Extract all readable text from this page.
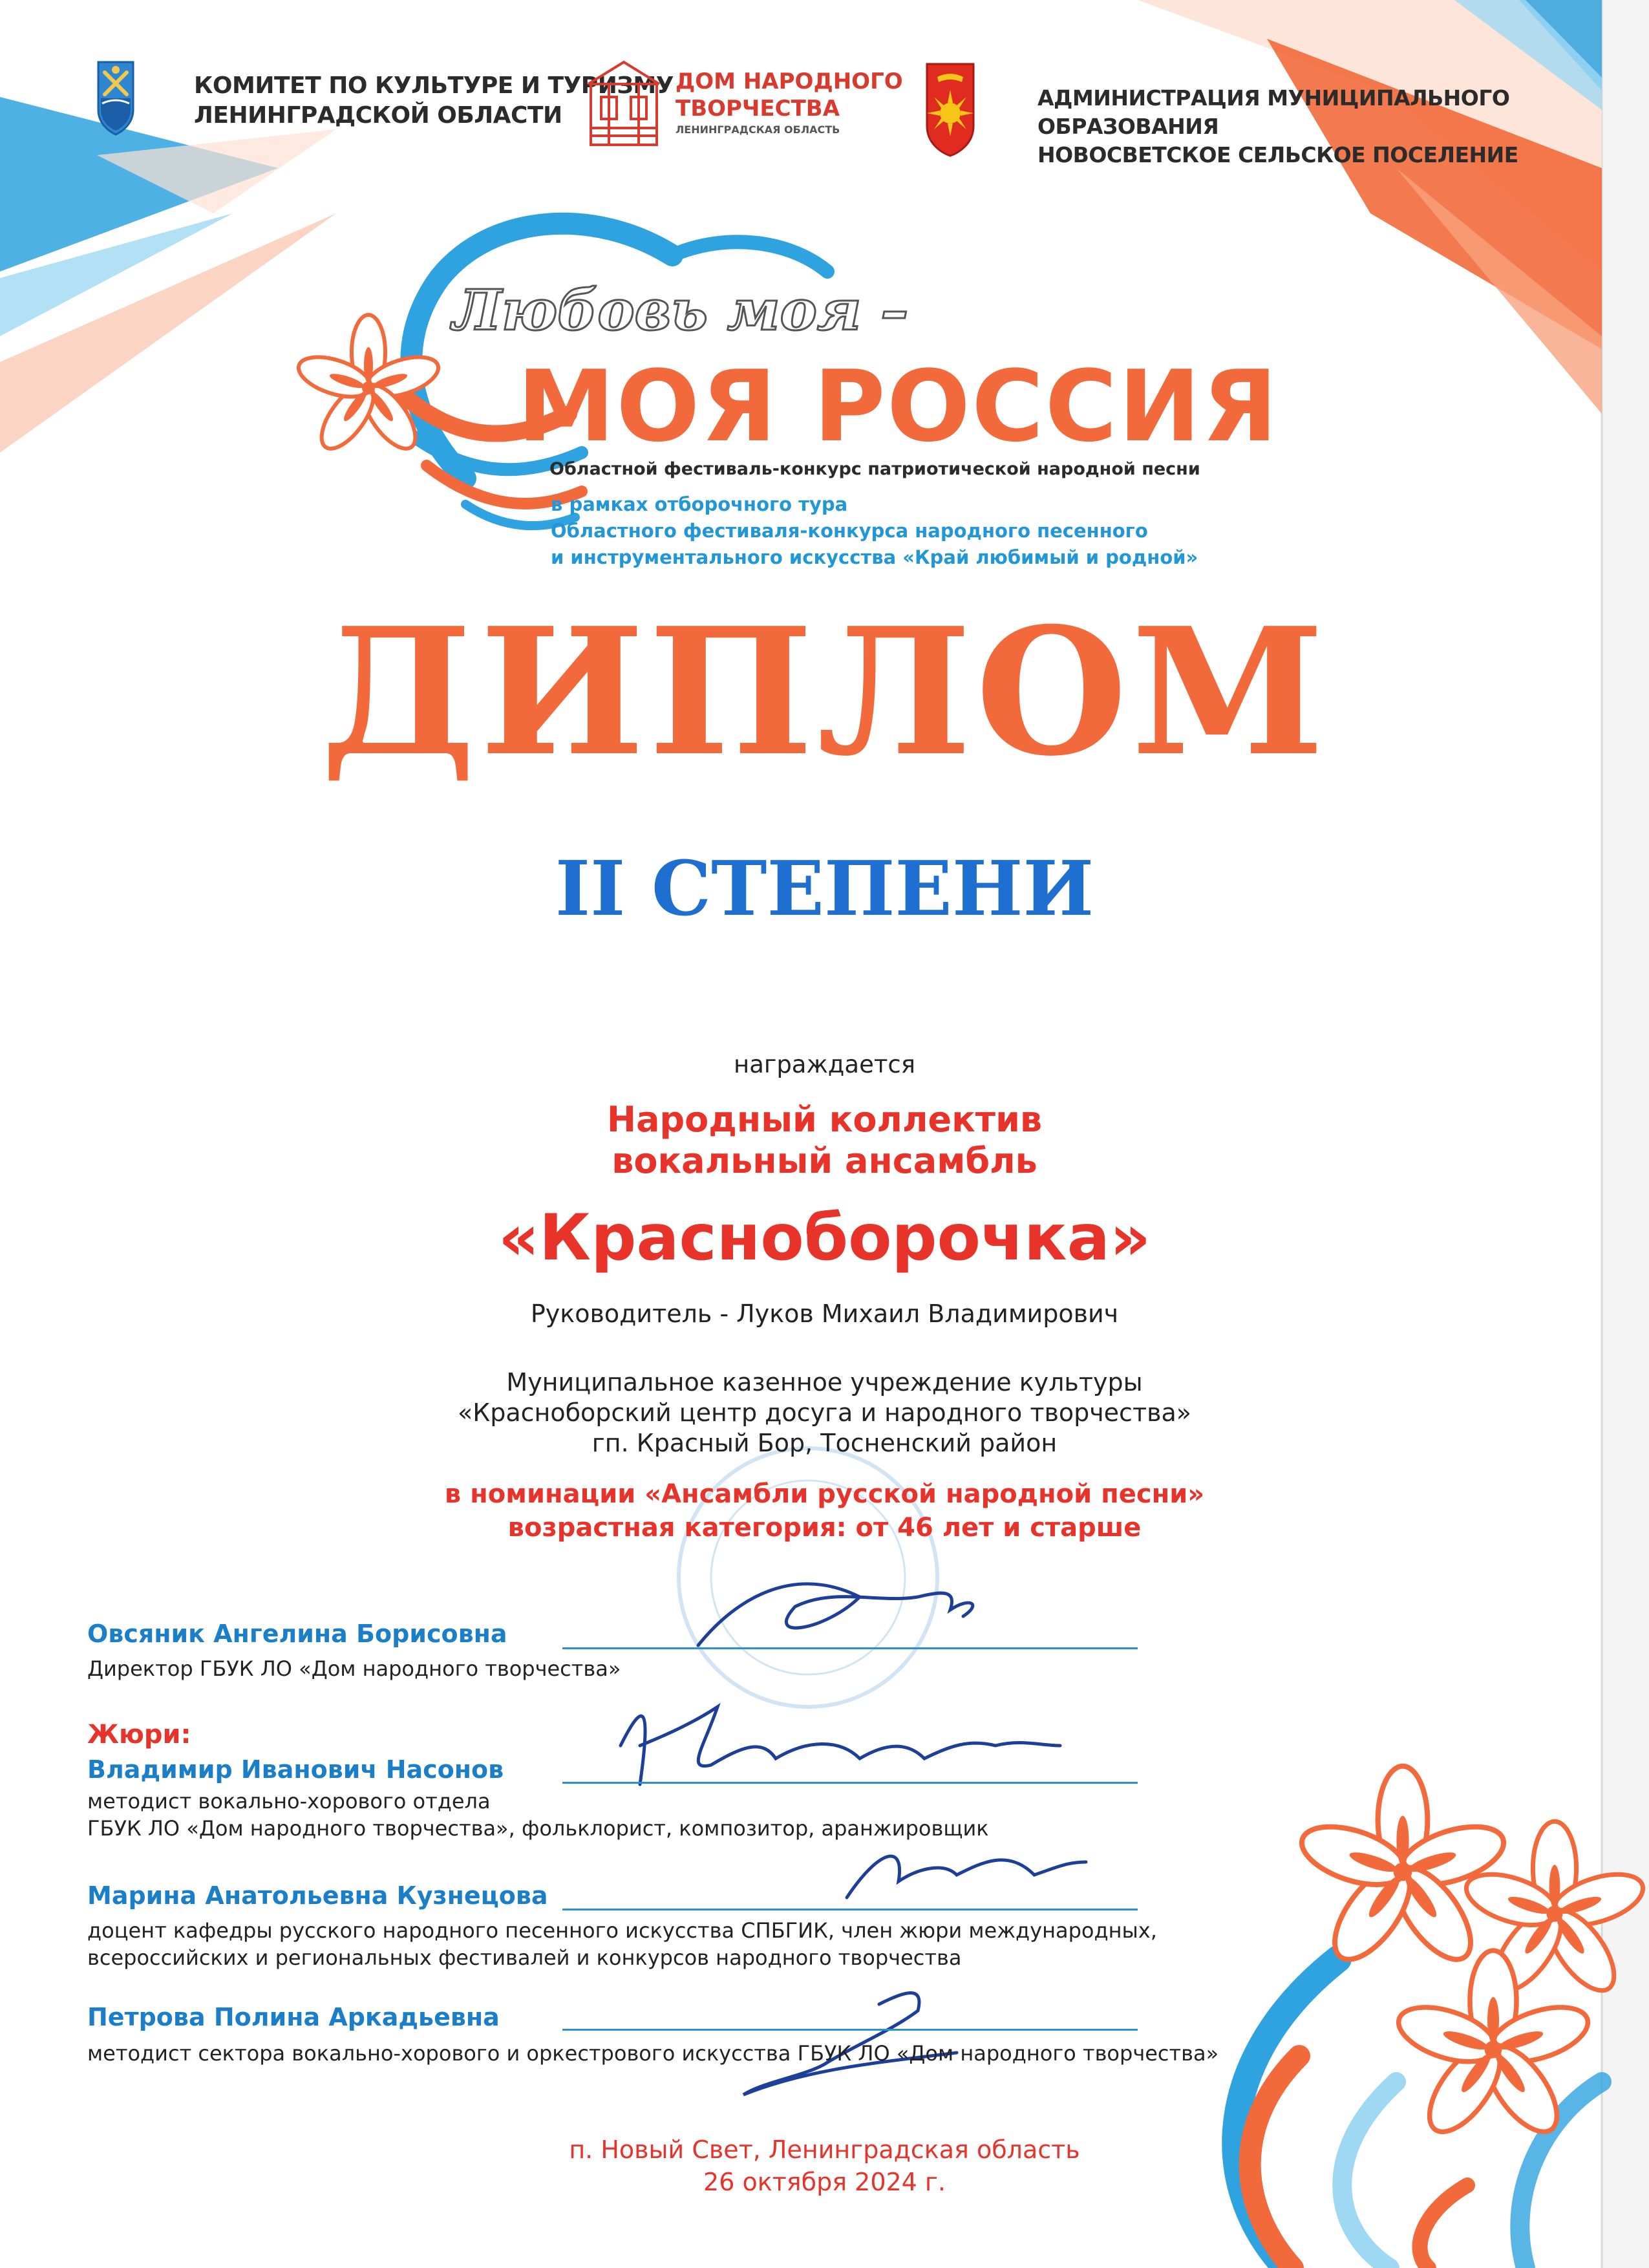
КОМИТЕТ ПО КУЛЬТУРЕ И ТУРИЗМУ
ЛЕНИНГРАДСКОЙ ОБЛАСТИ
ДОМ НАРОДНОГО
ТВОРЧЕСТВА
ЛЕНИНГРАДСКАЯ ОБЛАСТЬ
АДМИНИСТРАЦИЯ МУНИЦИПАЛЬНОГО ОБРАЗОВАНИЯ
НОВОСВЕТСКОЕ СЕЛЬСКОЕ ПОСЕЛЕНИЕ
Любовь моя –
МОЯ РОССИЯ
Областной фестиваль-конкурс патриотической народной песни
в рамках отборочного тура
Областного фестиваля-конкурса народного песенного
и инструментального искусства «Край любимый и родной»
ДИПЛОМ
II СТЕПЕНИ
награждается
Народный коллектив
вокальный ансамбль
«Красноборочка»
Руководитель - Луков Михаил Владимирович
Муниципальное казенное учреждение культуры
«Красноборский центр досуга и народного творчества»
гп. Красный Бор, Тосненский район
в номинации «Ансамбли русской народной песни»
возрастная категория: от 46 лет и старше
Овсяник Ангелина Борисовна
Директор ГБУК ЛО «Дом народного творчества»
Жюри:
Владимир Иванович Насонов
методист вокально-хорового отдела
ГБУК ЛО «Дом народного творчества», фольклорист, композитор, аранжировщик
Марина Анатольевна Кузнецова
доцент кафедры русского народного песенного искусства СПБГИК, член жюри международных,
всероссийских и региональных фестивалей и конкурсов народного творчества
Петрова Полина Аркадьевна
методист сектора вокально-хорового и оркестрового искусства ГБУК ЛО «Дом народного творчества»
п. Новый Свет, Ленинградская область
26 октября 2024 г.
